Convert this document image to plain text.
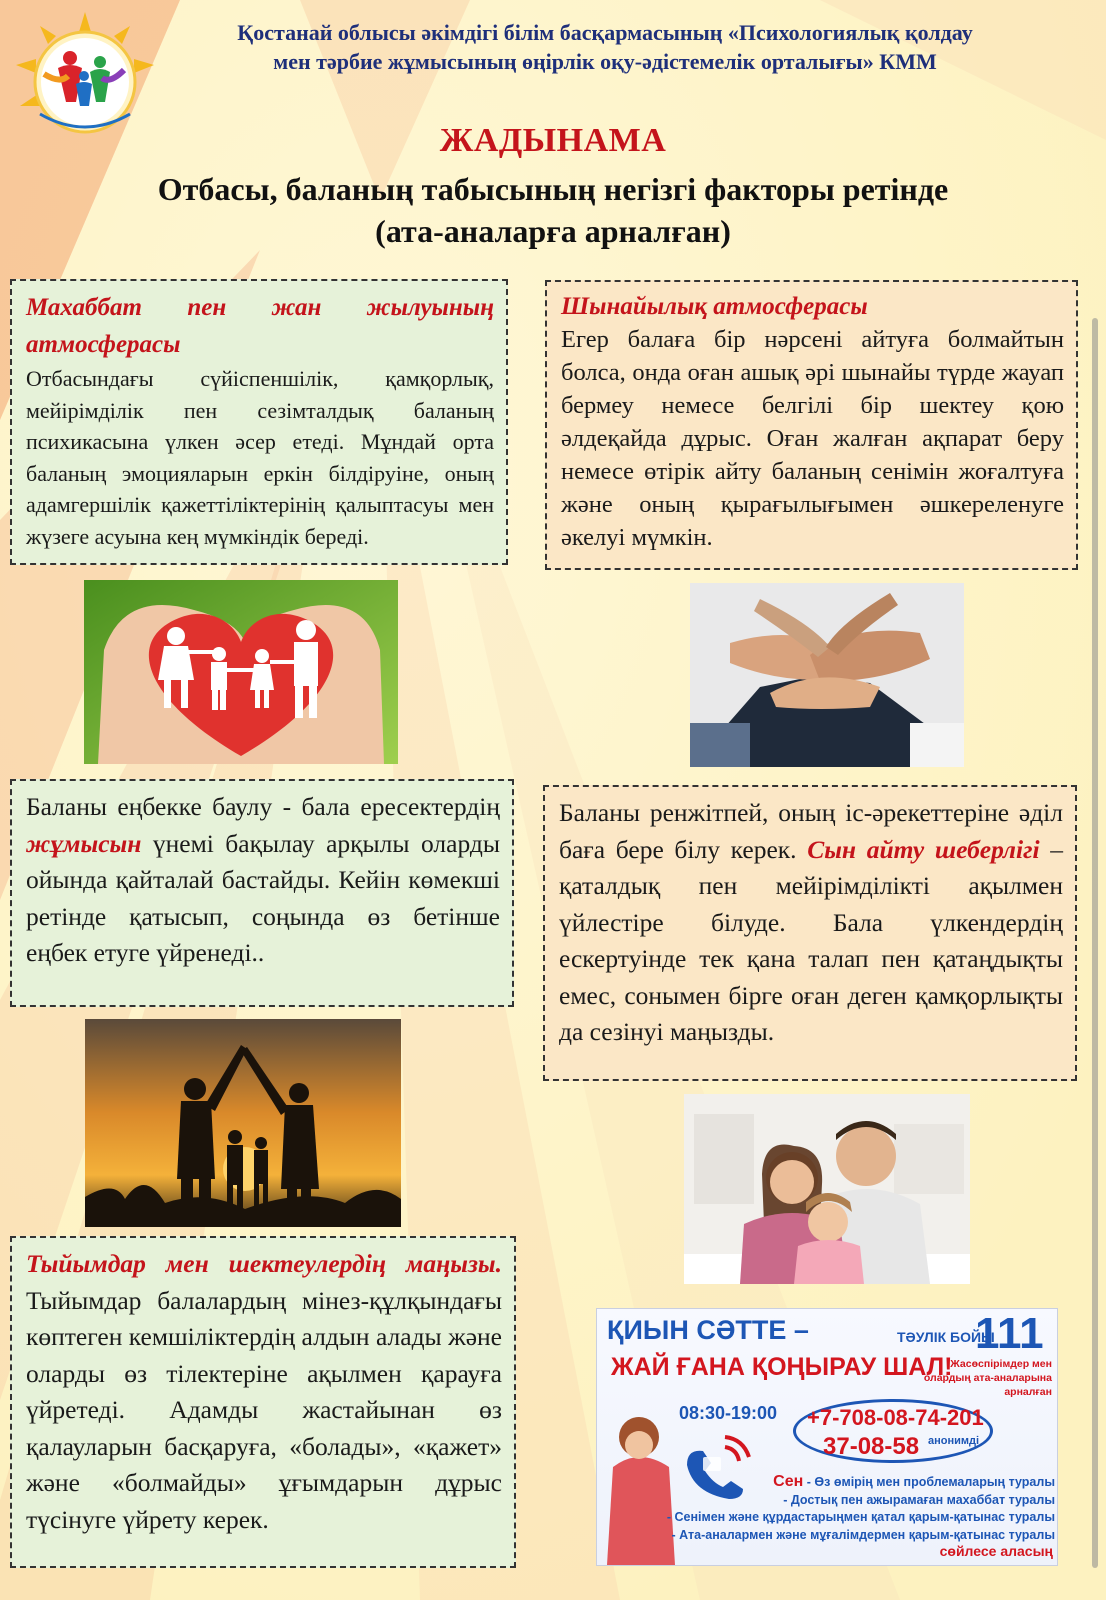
Қостанай облысы әкімдігі білім басқармасының «Психологиялық қолдау
мен тәрбие жұмысының өңірлік оқу-әдістемелік орталығы» КММ
ЖАДЫНАМА
Отбасы, баланың табысының негізгі факторы ретінде
(ата-аналарға арналған)
Махаббат пен жан жылуының атмосферасы
Отбасындағы сүйіспеншілік, қамқорлық, мейірімділік пен сезімталдық баланың психикасына үлкен әсер етеді. Мұндай орта баланың эмоцияларын еркін білдіруіне, оның адамгершілік қажеттіліктерінің қалыптасуы мен жүзеге асуына кең мүмкіндік береді.
Шынайылық атмосферасы
Егер балаға бір нәрсені айтуға болмайтын болса, онда оған ашық әрі шынайы түрде жауап бермеу немесе белгілі бір шектеу қою әлдеқайда дұрыс. Оған жалған ақпарат беру немесе өтірік айту баланың сенімін жоғалтуға және оның қырағылығымен әшкереленуге әкелуі мүмкін.
Баланы еңбекке баулу - бала ересектердің жұмысын үнемі бақылау арқылы оларды ойында қайталай бастайды. Кейін көмекші ретінде қатысып, соңында өз бетінше еңбек етуге үйренеді..
Баланы ренжітпей, оның іс-әрекеттеріне әділ баға бере білу керек. Сын айту шеберлігі – қаталдық пен мейірімділікті ақылмен үйлестіре білуде. Бала үлкендердің ескертуінде тек қана талап пен қатаңдықты емес, сонымен бірге оған деген қамқорлықты да сезінуі маңызды.
Тыйымдар мен шектеулердің маңызы. Тыйымдар балалардың мінез-құлқындағы көптеген кемшіліктердің алдын алады және оларды өз тілектеріне ақылмен қарауға үйретеді. Адамды жастайынан өз қалауларын басқаруға, «болады», «қажет» және «болмайды» ұғымдарын дұрыс түсінуге үйрету керек.
ҚИЫН СӘТТЕ –
ЖАЙ ҒАНА ҚОҢЫРАУ ШАЛ!
ТӘУЛІК БОЙЫ
111
Жасөспірімдер мен олардың ата-аналарына арналған
08:30-19:00 +7-708-08-74-201
37-08-58 анонимді
Сен - Өз өмірің мен проблемаларың туралы
- Достық пен ажырамаған махаббат туралы
- Сенімен және құрдастарыңмен қатал қарым-қатынас туралы
- Ата-аналармен және мұғалімдермен қарым-қатынас туралы
сөйлесе аласың
